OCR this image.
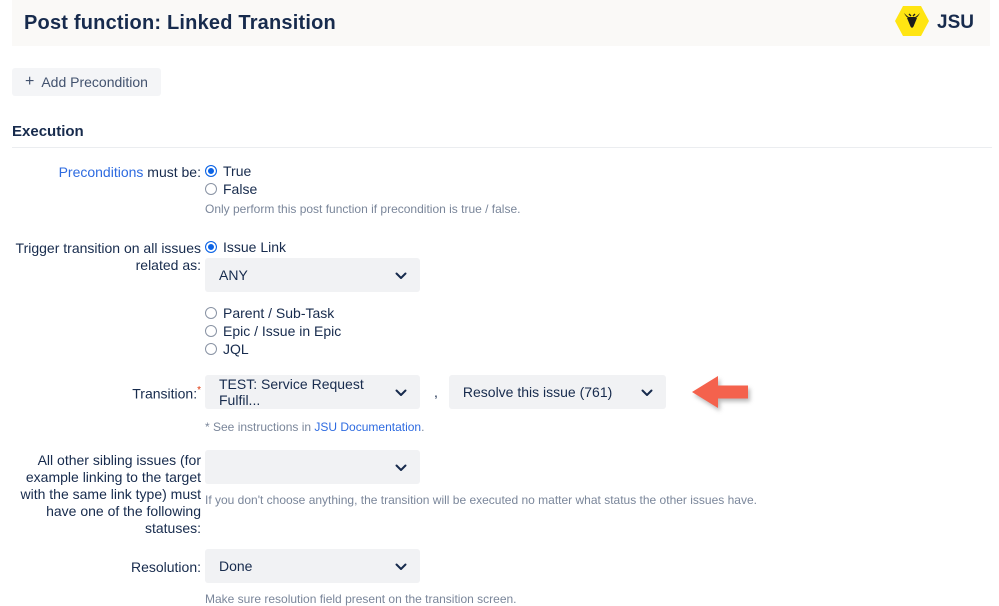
Post function: Linked Transition	JSU
+ Add Precondition
Execution
Preconditions must be: True
False
Only perform this post function if precondition is true / false.
Trigger transition on all issues related as:
Issue Link
ANY
Parent / Sub-Task
Epic / Issue in Epic
JQL
Transition:* TEST: Service Request Fulfil...	, Resolve this issue (761)
* See instructions in JSU Documentation.
All other sibling issues (for example linking to the target with the same link type) must have one of the following statuses:
If you don't choose anything, the transition will be executed no matter what status the other issues have.
Resolution: Done
Make sure resolution field present on the transition screen.
